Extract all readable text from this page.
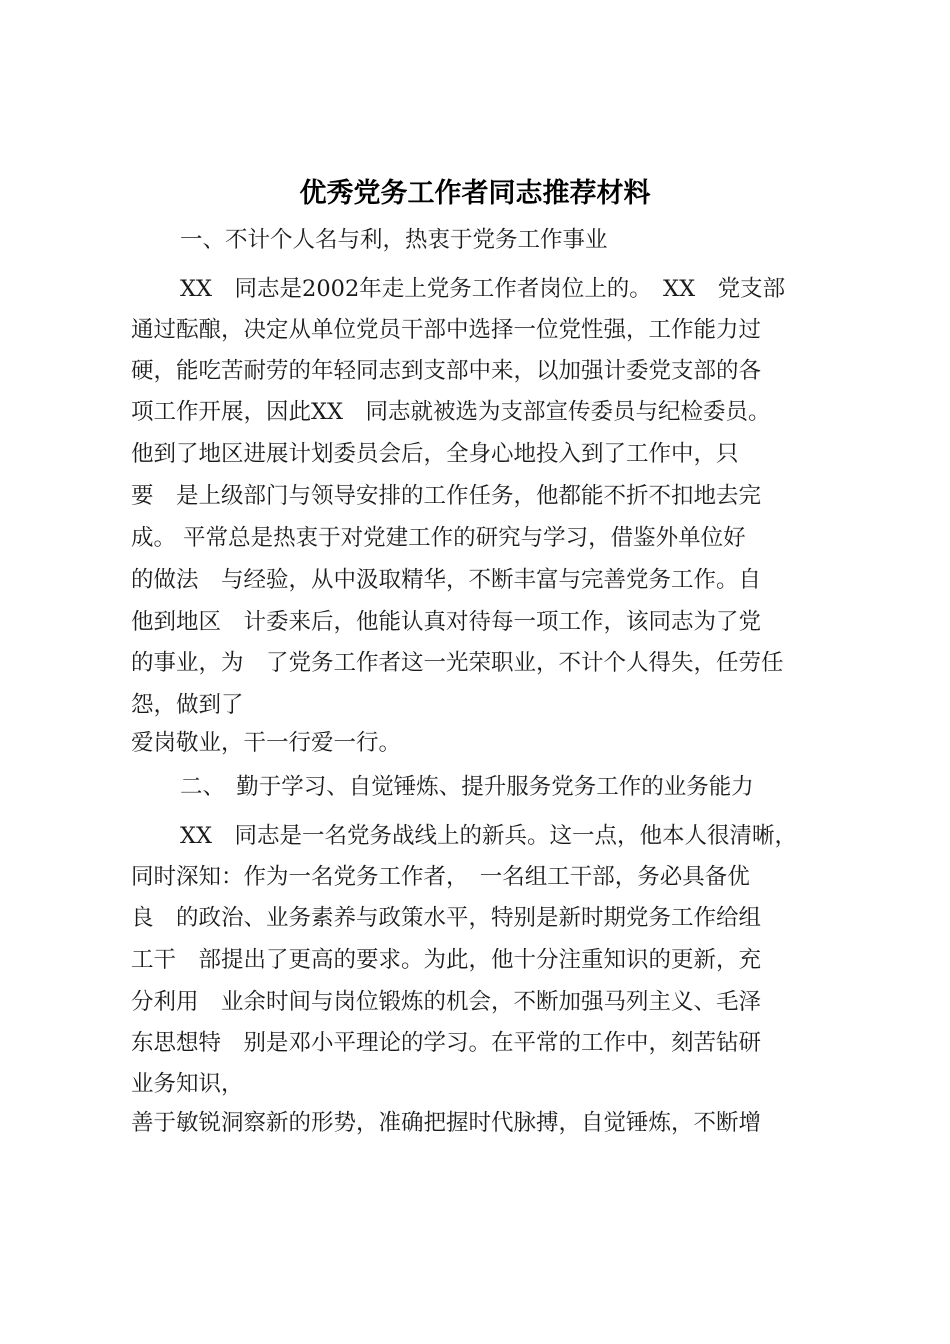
优秀党务工作者同志推荐材料
一、不计个人名与利，热衷于党务工作事业
XX　同志是2002年走上党务工作者岗位上的。　XX　党支部
通过酝酿，决定从单位党员干部中选择一位党性强，工作能力过
硬，能吃苦耐劳的年轻同志到支部中来，以加强计委党支部的各
项工作开展，因此XX　同志就被选为支部宣传委员与纪检委员。
他到了地区进展计划委员会后，全身心地投入到了工作中，只
要　是上级部门与领导安排的工作任务，他都能不折不扣地去完
成。 平常总是热衷于对党建工作的研究与学习，借鉴外单位好
的做法　与经验，从中汲取精华，不断丰富与完善党务工作。自
他到地区　计委来后，他能认真对待每一项工作，该同志为了党
的事业，为　了党务工作者这一光荣职业，不计个人得失，任劳任
怨，做到了
爱岗敬业，干一行爱一行。
二、　勤于学习、自觉锤炼、提升服务党务工作的业务能力
XX　同志是一名党务战线上的新兵。这一点，他本人很清晰，
同时深知：作为一名党务工作者，　一名组工干部，务必具备优
良　的政治、业务素养与政策水平，特别是新时期党务工作给组
工干　部提出了更高的要求。为此，他十分注重知识的更新，充
分利用　业余时间与岗位锻炼的机会，不断加强马列主义、毛泽
东思想特　别是邓小平理论的学习。在平常的工作中，刻苦钻研
业务知识，
善于敏锐洞察新的形势，准确把握时代脉搏，自觉锤炼，不断增
